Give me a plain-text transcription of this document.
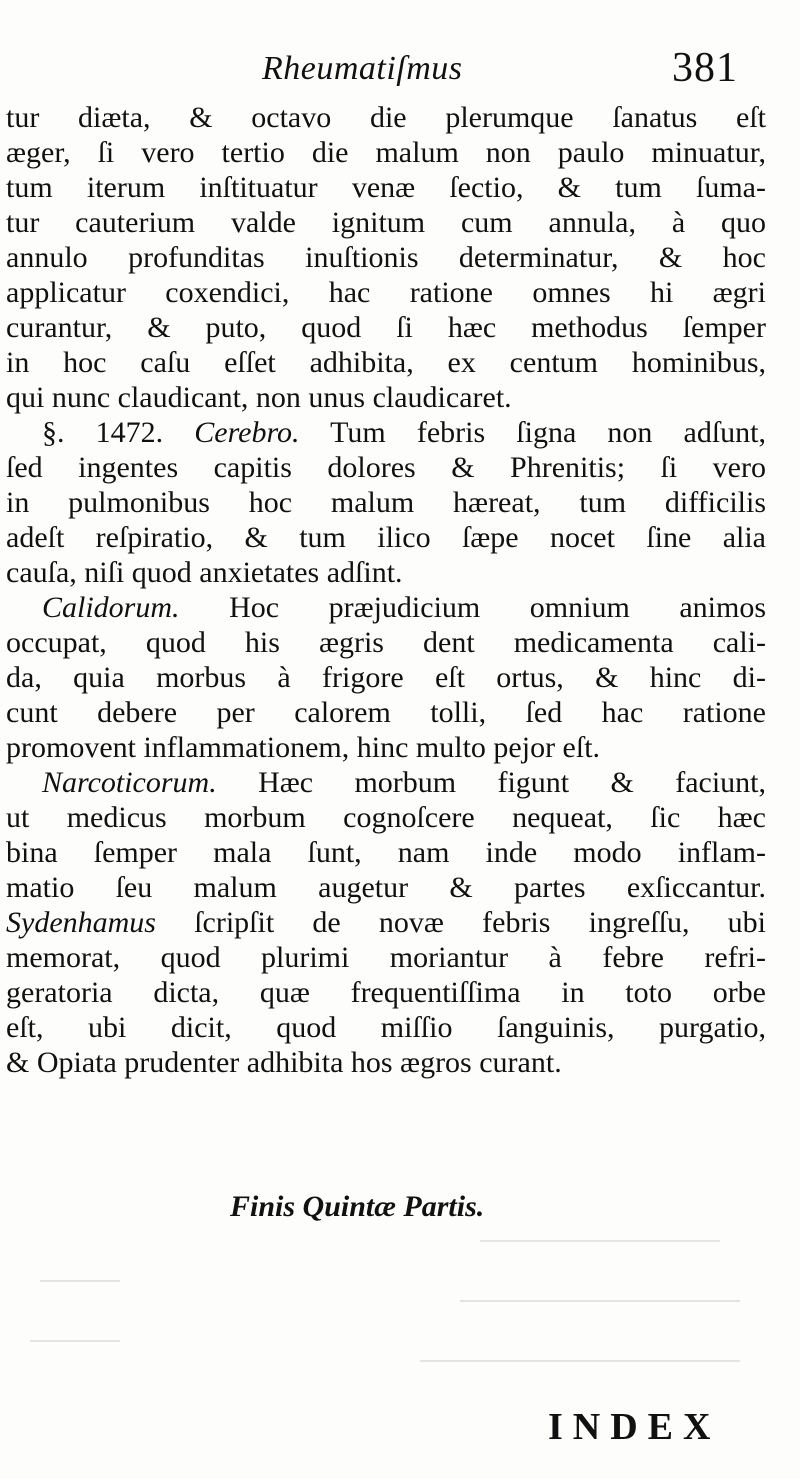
Rheumatiſmus	381
tur diæta, & octavo die plerumque ſanatus eſt
æger, ſi vero tertio die malum non paulo minuatur,
tum iterum inſtituatur venæ ſectio, & tum ſuma-
tur cauterium valde ignitum cum annula, à quo
annulo profunditas inuſtionis determinatur, & hoc
applicatur coxendici, hac ratione omnes hi ægri
curantur, & puto, quod ſi hæc methodus ſemper
in hoc caſu eſſet adhibita, ex centum hominibus,
qui nunc claudicant, non unus claudicaret.
§. 1472. Cerebro. Tum febris ſigna non adſunt,
ſed ingentes capitis dolores & Phrenitis; ſi vero
in pulmonibus hoc malum hæreat, tum difficilis
adeſt reſpiratio, & tum ilico ſæpe nocet ſine alia
cauſa, niſi quod anxietates adſint.
Calidorum. Hoc præjudicium omnium animos
occupat, quod his ægris dent medicamenta cali-
da, quia morbus à frigore eſt ortus, & hinc di-
cunt debere per calorem tolli, ſed hac ratione
promovent inflammationem, hinc multo pejor eſt.
Narcoticorum. Hæc morbum figunt & faciunt,
ut medicus morbum cognoſcere nequeat, ſic hæc
bina ſemper mala ſunt, nam inde modo inflam-
matio ſeu malum augetur & partes exſiccantur.
Sydenhamus ſcripſit de novæ febris ingreſſu, ubi
memorat, quod plurimi moriantur à febre refri-
geratoria dicta, quæ frequentiſſima in toto orbe
eſt, ubi dicit, quod miſſio ſanguinis, purgatio,
& Opiata prudenter adhibita hos ægros curant.
Finis Quintæ Partis.
INDEX
